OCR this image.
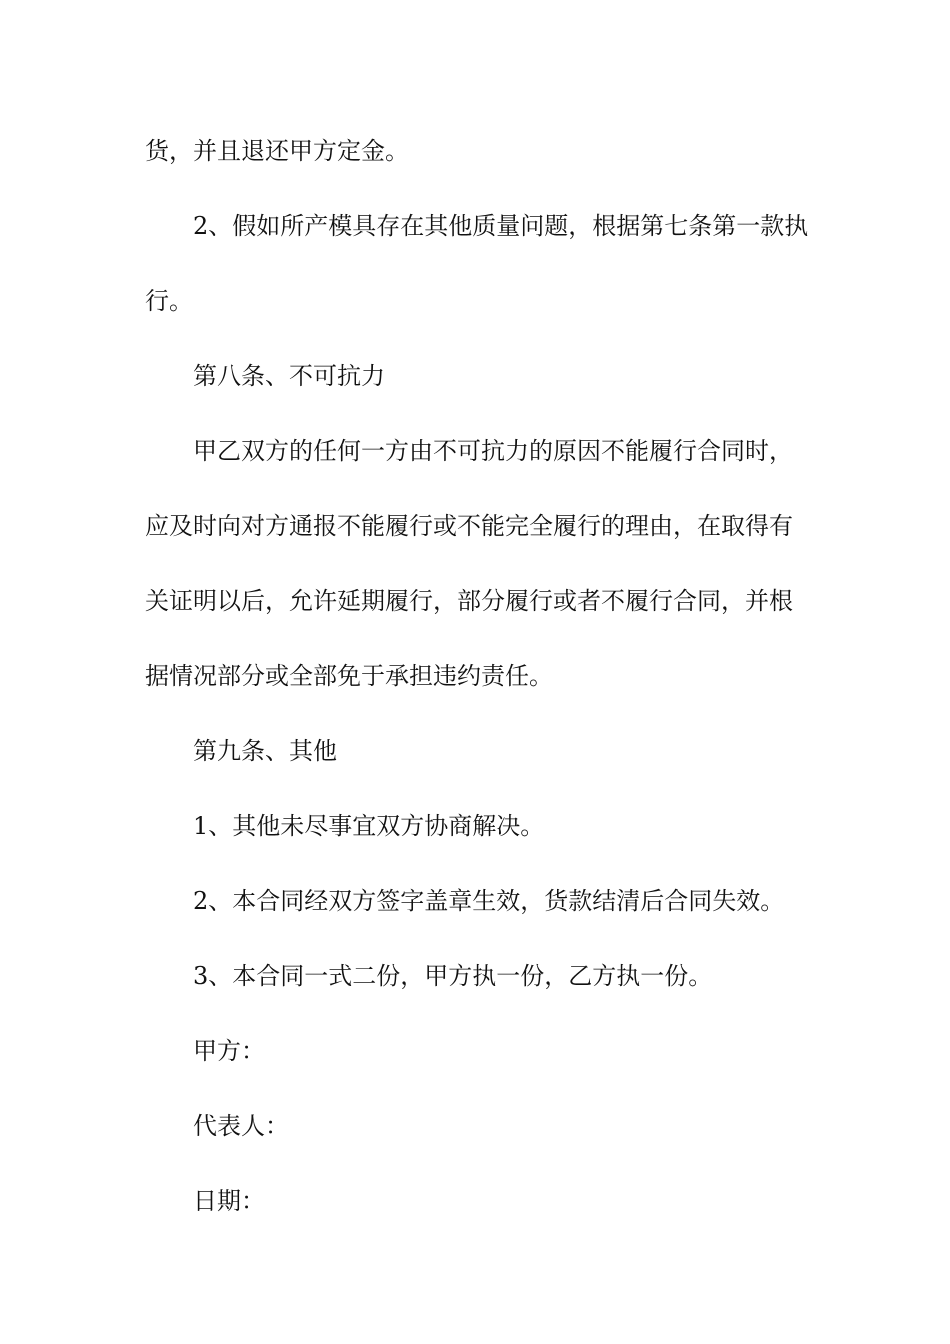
货，并且退还甲方定金。
2、假如所产模具存在其他质量问题，根据第七条第一款执
行。
第八条、不可抗力
甲乙双方的任何一方由不可抗力的原因不能履行合同时，
应及时向对方通报不能履行或不能完全履行的理由，在取得有
关证明以后，允许延期履行，部分履行或者不履行合同，并根
据情况部分或全部免于承担违约责任。
第九条、其他
1、其他未尽事宜双方协商解决。
2、本合同经双方签字盖章生效，货款结清后合同失效。
3、本合同一式二份，甲方执一份，乙方执一份。
甲方：
代表人：
日期：
